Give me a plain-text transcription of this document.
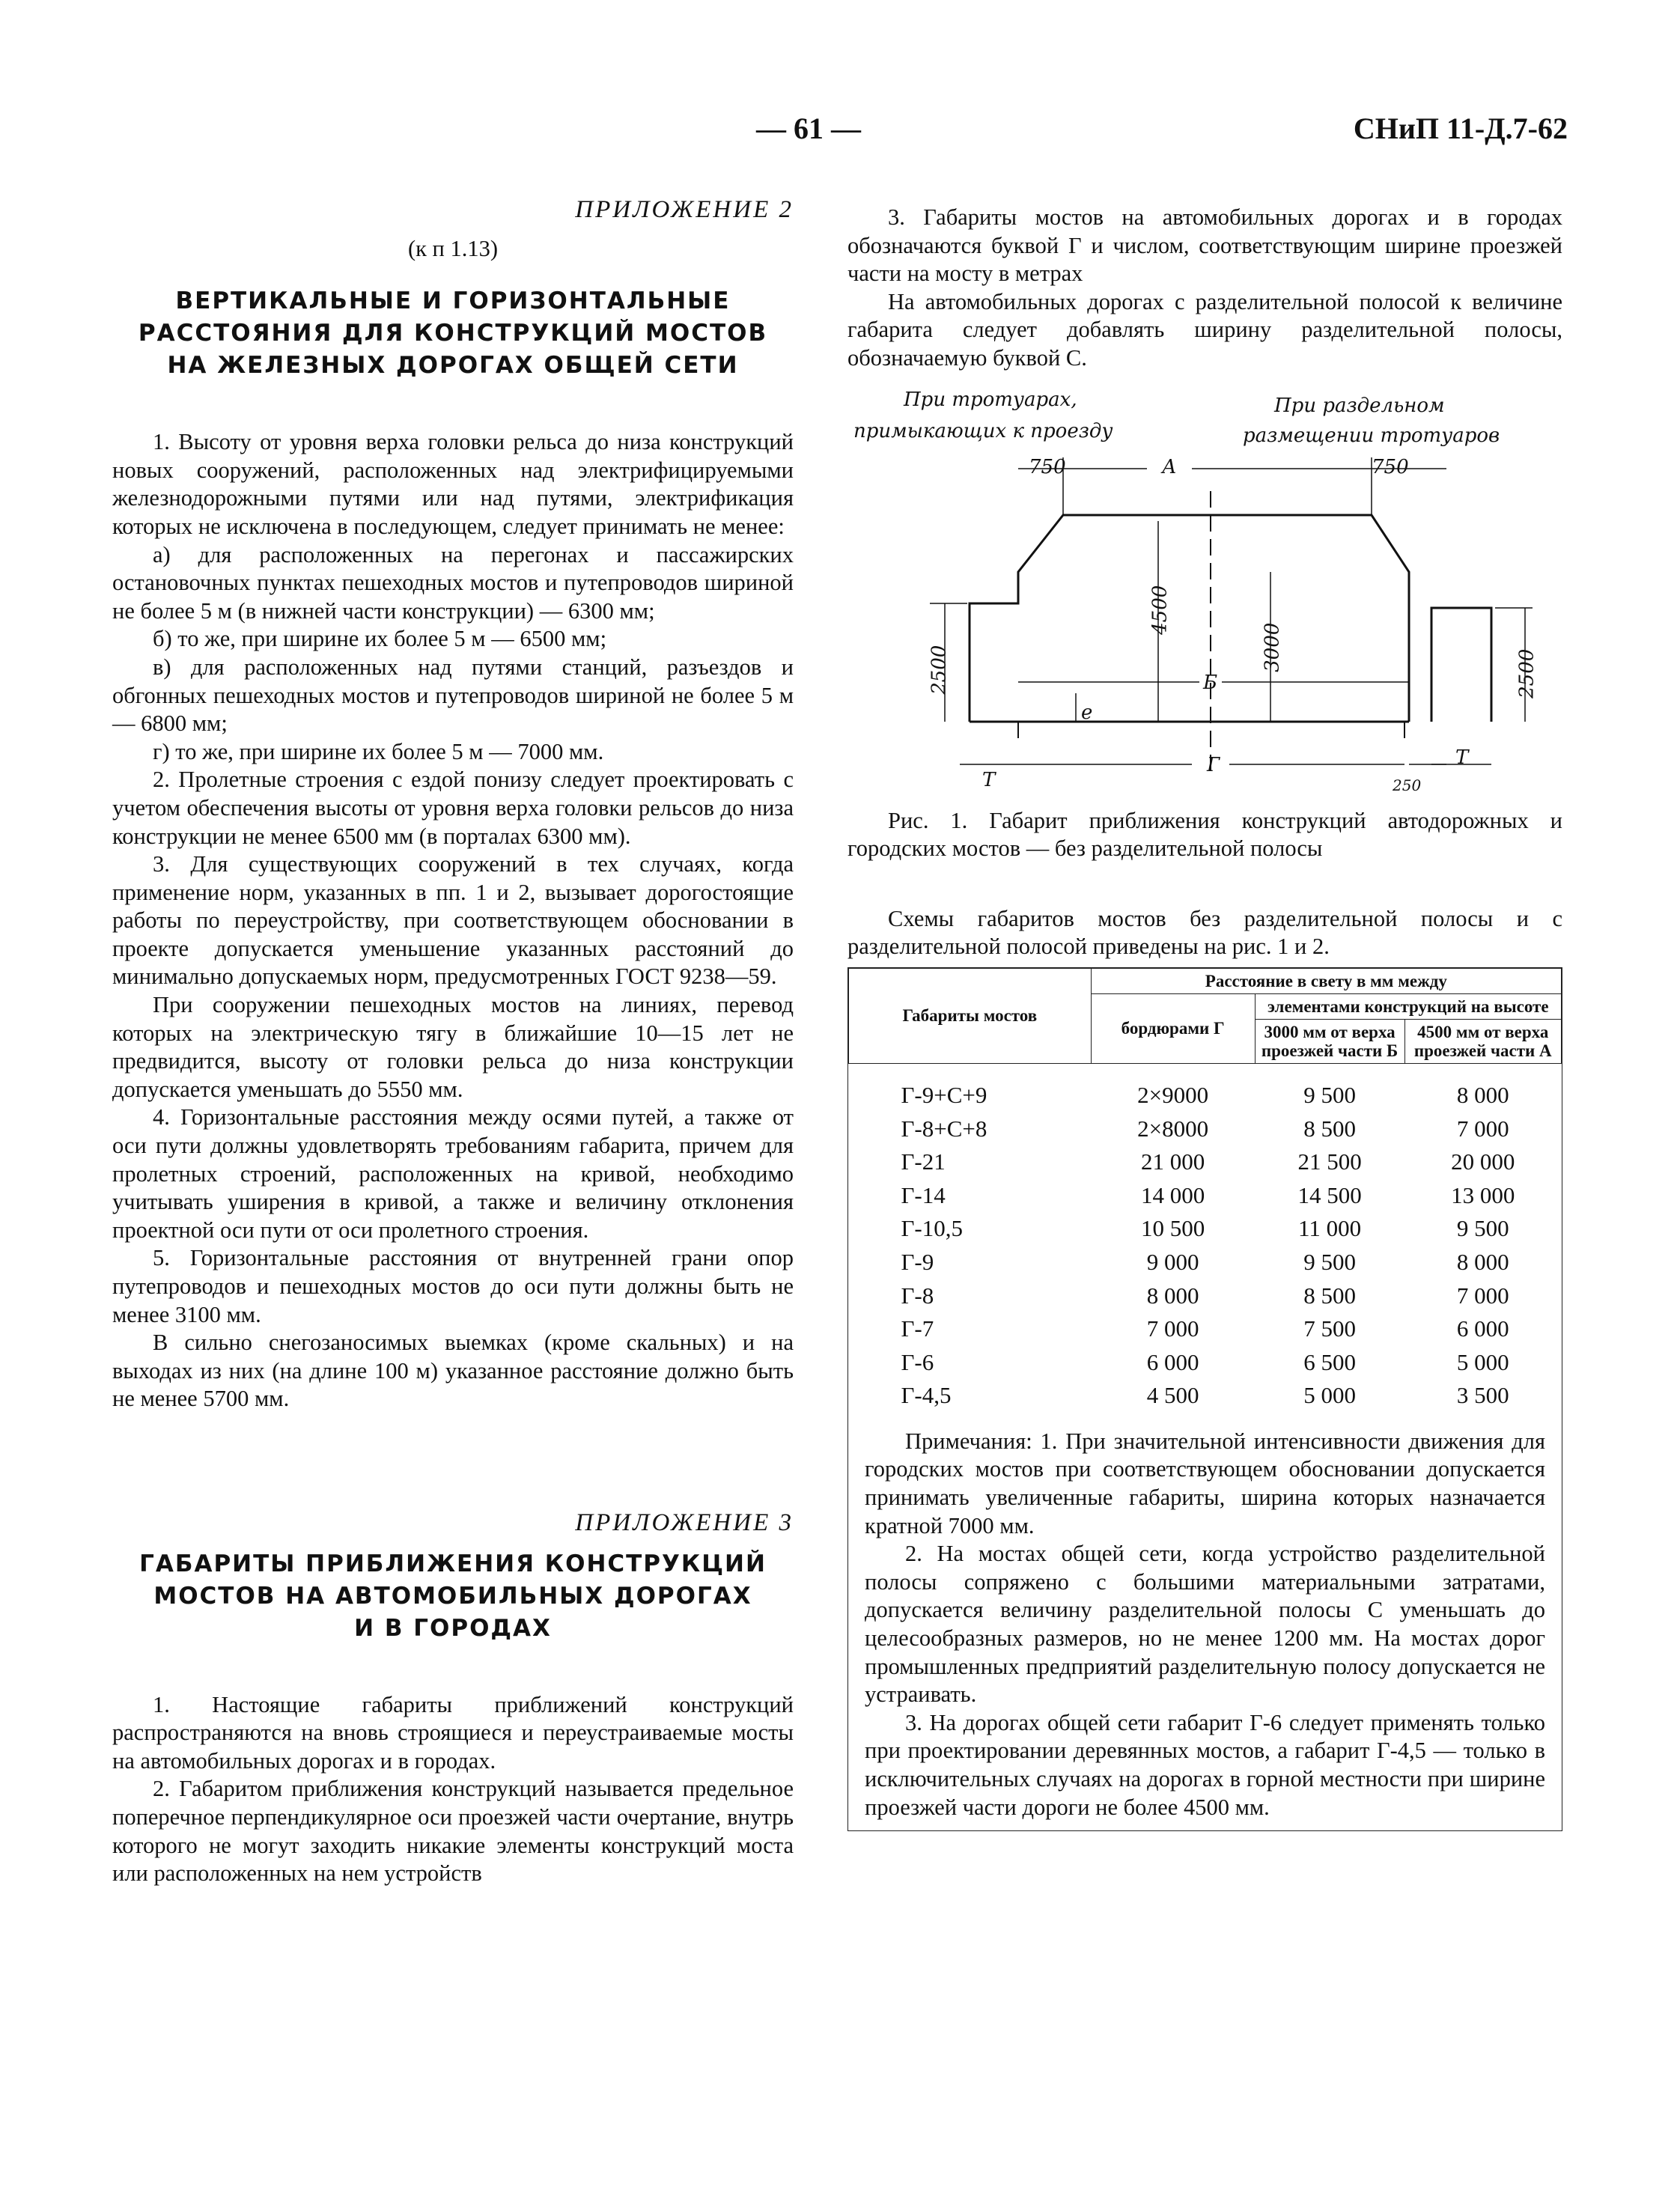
— 61 —	СНиП 11-Д.7-62

ПРИЛОЖЕНИЕ 2

(к п 1.13)

ВЕРТИКАЛЬНЫЕ И ГОРИЗОНТАЛЬНЫЕ

РАССТОЯНИЯ ДЛЯ КОНСТРУКЦИЙ МОСТОВ

НА ЖЕЛЕЗНЫХ ДОРОГАХ ОБЩЕЙ СЕТИ

1. Высоту от уровня верха головки рельса до низа конструкций новых сооружений, расположенных над электрифицируемыми железнодорожными путями или над путями, электрификация которых не исключена в последующем, следует принимать не менее:

а) для расположенных на перегонах и пассажирских остановочных пунктах пешеходных мостов и путепроводов шириной не более 5 м (в нижней части конструкции) — 6300 мм;

б) то же, при ширине их более 5 м — 6500 мм;

в) для расположенных над путями станций, разъездов и обгонных пешеходных мостов и путепроводов шириной не более 5 м — 6800 мм;

г) то же, при ширине их более 5 м — 7000 мм.

2. Пролетные строения с ездой понизу следует проектировать с учетом обеспечения высоты от уровня верха головки рельсов до низа конструкции не менее 6500 мм (в порталах 6300 мм).

3. Для существующих сооружений в тех случаях, когда применение норм, указанных в пп. 1 и 2, вызывает дорогостоящие работы по переустройству, при соответствующем обосновании в проекте допускается уменьшение указанных расстояний до минимально допускаемых норм, предусмотренных ГОСТ 9238—59.

При сооружении пешеходных мостов на линиях, перевод которых на электрическую тягу в ближайшие 10—15 лет не предвидится, высоту от головки рельса до низа конструкции допускается уменьшать до 5550 мм.

4. Горизонтальные расстояния между осями путей, а также от оси пути должны удовлетворять требованиям габарита, причем для пролетных строений, расположенных на кривой, необходимо учитывать уширения в кривой, а также и величину отклонения проектной оси пути от оси пролетного строения.

5. Горизонтальные расстояния от внутренней грани опор путепроводов и пешеходных мостов до оси пути должны быть не менее 3100 мм.

В сильно снегозаносимых выемках (кроме скальных) и на выходах из них (на длине 100 м) указанное расстояние должно быть не менее 5700 мм.

ПРИЛОЖЕНИЕ 3

ГАБАРИТЫ ПРИБЛИЖЕНИЯ КОНСТРУКЦИЙ

МОСТОВ НА АВТОМОБИЛЬНЫХ ДОРОГАХ

И В ГОРОДАХ

1. Настоящие габариты приближений конструкций распространяются на вновь строящиеся и переустраиваемые мосты на автомобильных дорогах и в городах.

2. Габаритом приближения конструкций называется предельное поперечное перпендикулярное оси проезжей части очертание, внутрь которого не могут заходить никакие элементы конструкций моста или расположенных на нем устройств

3. Габариты мостов на автомобильных дорогах и в городах обозначаются буквой Г и числом, соответствующим ширине проезжей части на мосту в метрах

На автомобильных дорогах с разделительной полосой к величине габарита следует добавлять ширину разделительной полосы, обозначаемую буквой С.

При тротуарах,
примыкающих к проезду
При раздельном
размещении тротуаров
750	А	750
4500
3000
2500	2500
Б
е
Т
Г	Т
250

Рис. 1. Габарит приближения конструкций автодорожных и городских мостов — без разделительной полосы

Схемы габаритов мостов без разделительной полосы и с разделительной полосой приведены на рис. 1 и 2.

Габариты мостов	Расстояние в свету в мм между		
	бордюрами Г	элементами конструкций на высоте	
		3000 мм от верха проезжей части Б	4500 мм от верха проезжей части А
Г-9+С+9	2×9000	9 500	8 000
Г-8+С+8	2×8000	8 500	7 000
Г-21	21 000	21 500	20 000
Г-14	14 000	14 500	13 000
Г-10,5	10 500	11 000	9 500
Г-9	9 000	9 500	8 000
Г-8	8 000	8 500	7 000
Г-7	7 000	7 500	6 000
Г-6	6 000	6 500	5 000
Г-4,5	4 500	5 000	3 500

Примечания: 1. При значительной интенсивности движения для городских мостов при соответствующем обосновании допускается принимать увеличенные габариты, ширина которых назначается кратной 7000 мм.

2. На мостах общей сети, когда устройство разделительной полосы сопряжено с большими материальными затратами, допускается величину разделительной полосы С уменьшать до целесообразных размеров, но не менее 1200 мм. На мостах дорог промышленных предприятий разделительную полосу допускается не устраивать.

3. На дорогах общей сети габарит Г-6 следует применять только при проектировании деревянных мостов, а габарит Г-4,5 — только в исключительных случаях на дорогах в горной местности при ширине проезжей части дороги не более 4500 мм.
